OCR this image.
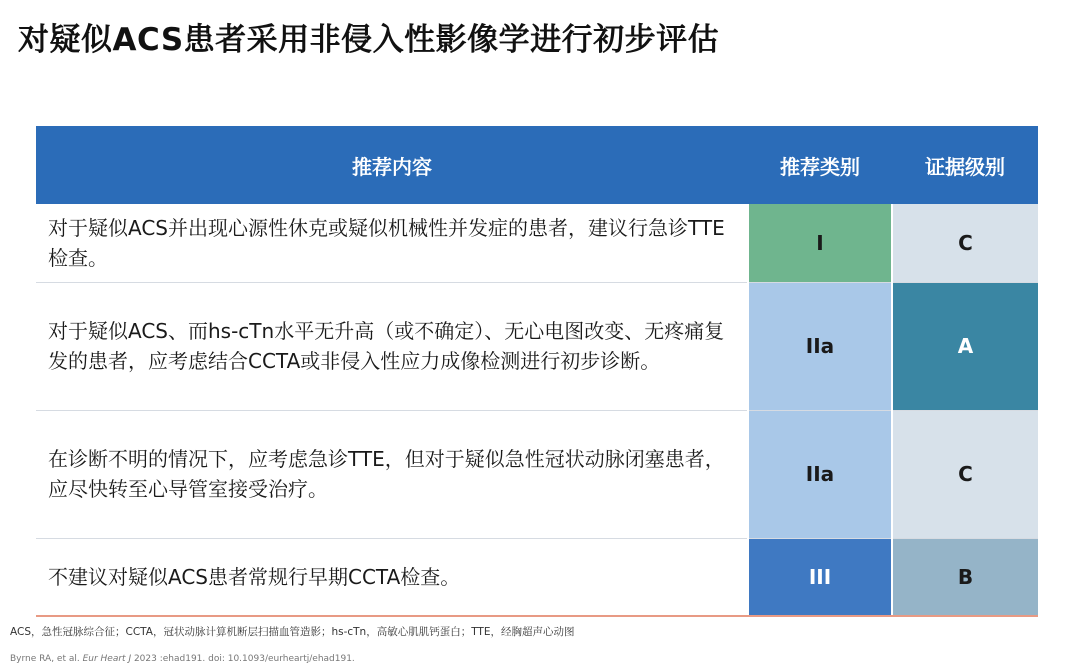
对疑似ACS患者采用非侵入性影像学进行初步评估
推荐内容	推荐类别	证据级别
对于疑似ACS并出现心源性休克或疑似机械性并发症的患者，建议行急诊TTE检查。	I	C
对于疑似ACS、而hs-cTn水平无升高（或不确定）、无心电图改变、无疼痛复发的患者，应考虑结合CCTA或非侵入性应力成像检测进行初步诊断。	IIa	A
在诊断不明的情况下，应考虑急诊TTE，但对于疑似急性冠状动脉闭塞患者，应尽快转至心导管室接受治疗。	IIa	C
不建议对疑似ACS患者常规行早期CCTA检查。	III	B
ACS，急性冠脉综合征；CCTA，冠状动脉计算机断层扫描血管造影；hs-cTn，高敏心肌肌钙蛋白；TTE，经胸超声心动图
Byrne RA, et al. Eur Heart J 2023 :ehad191. doi: 10.1093/eurheartj/ehad191.
